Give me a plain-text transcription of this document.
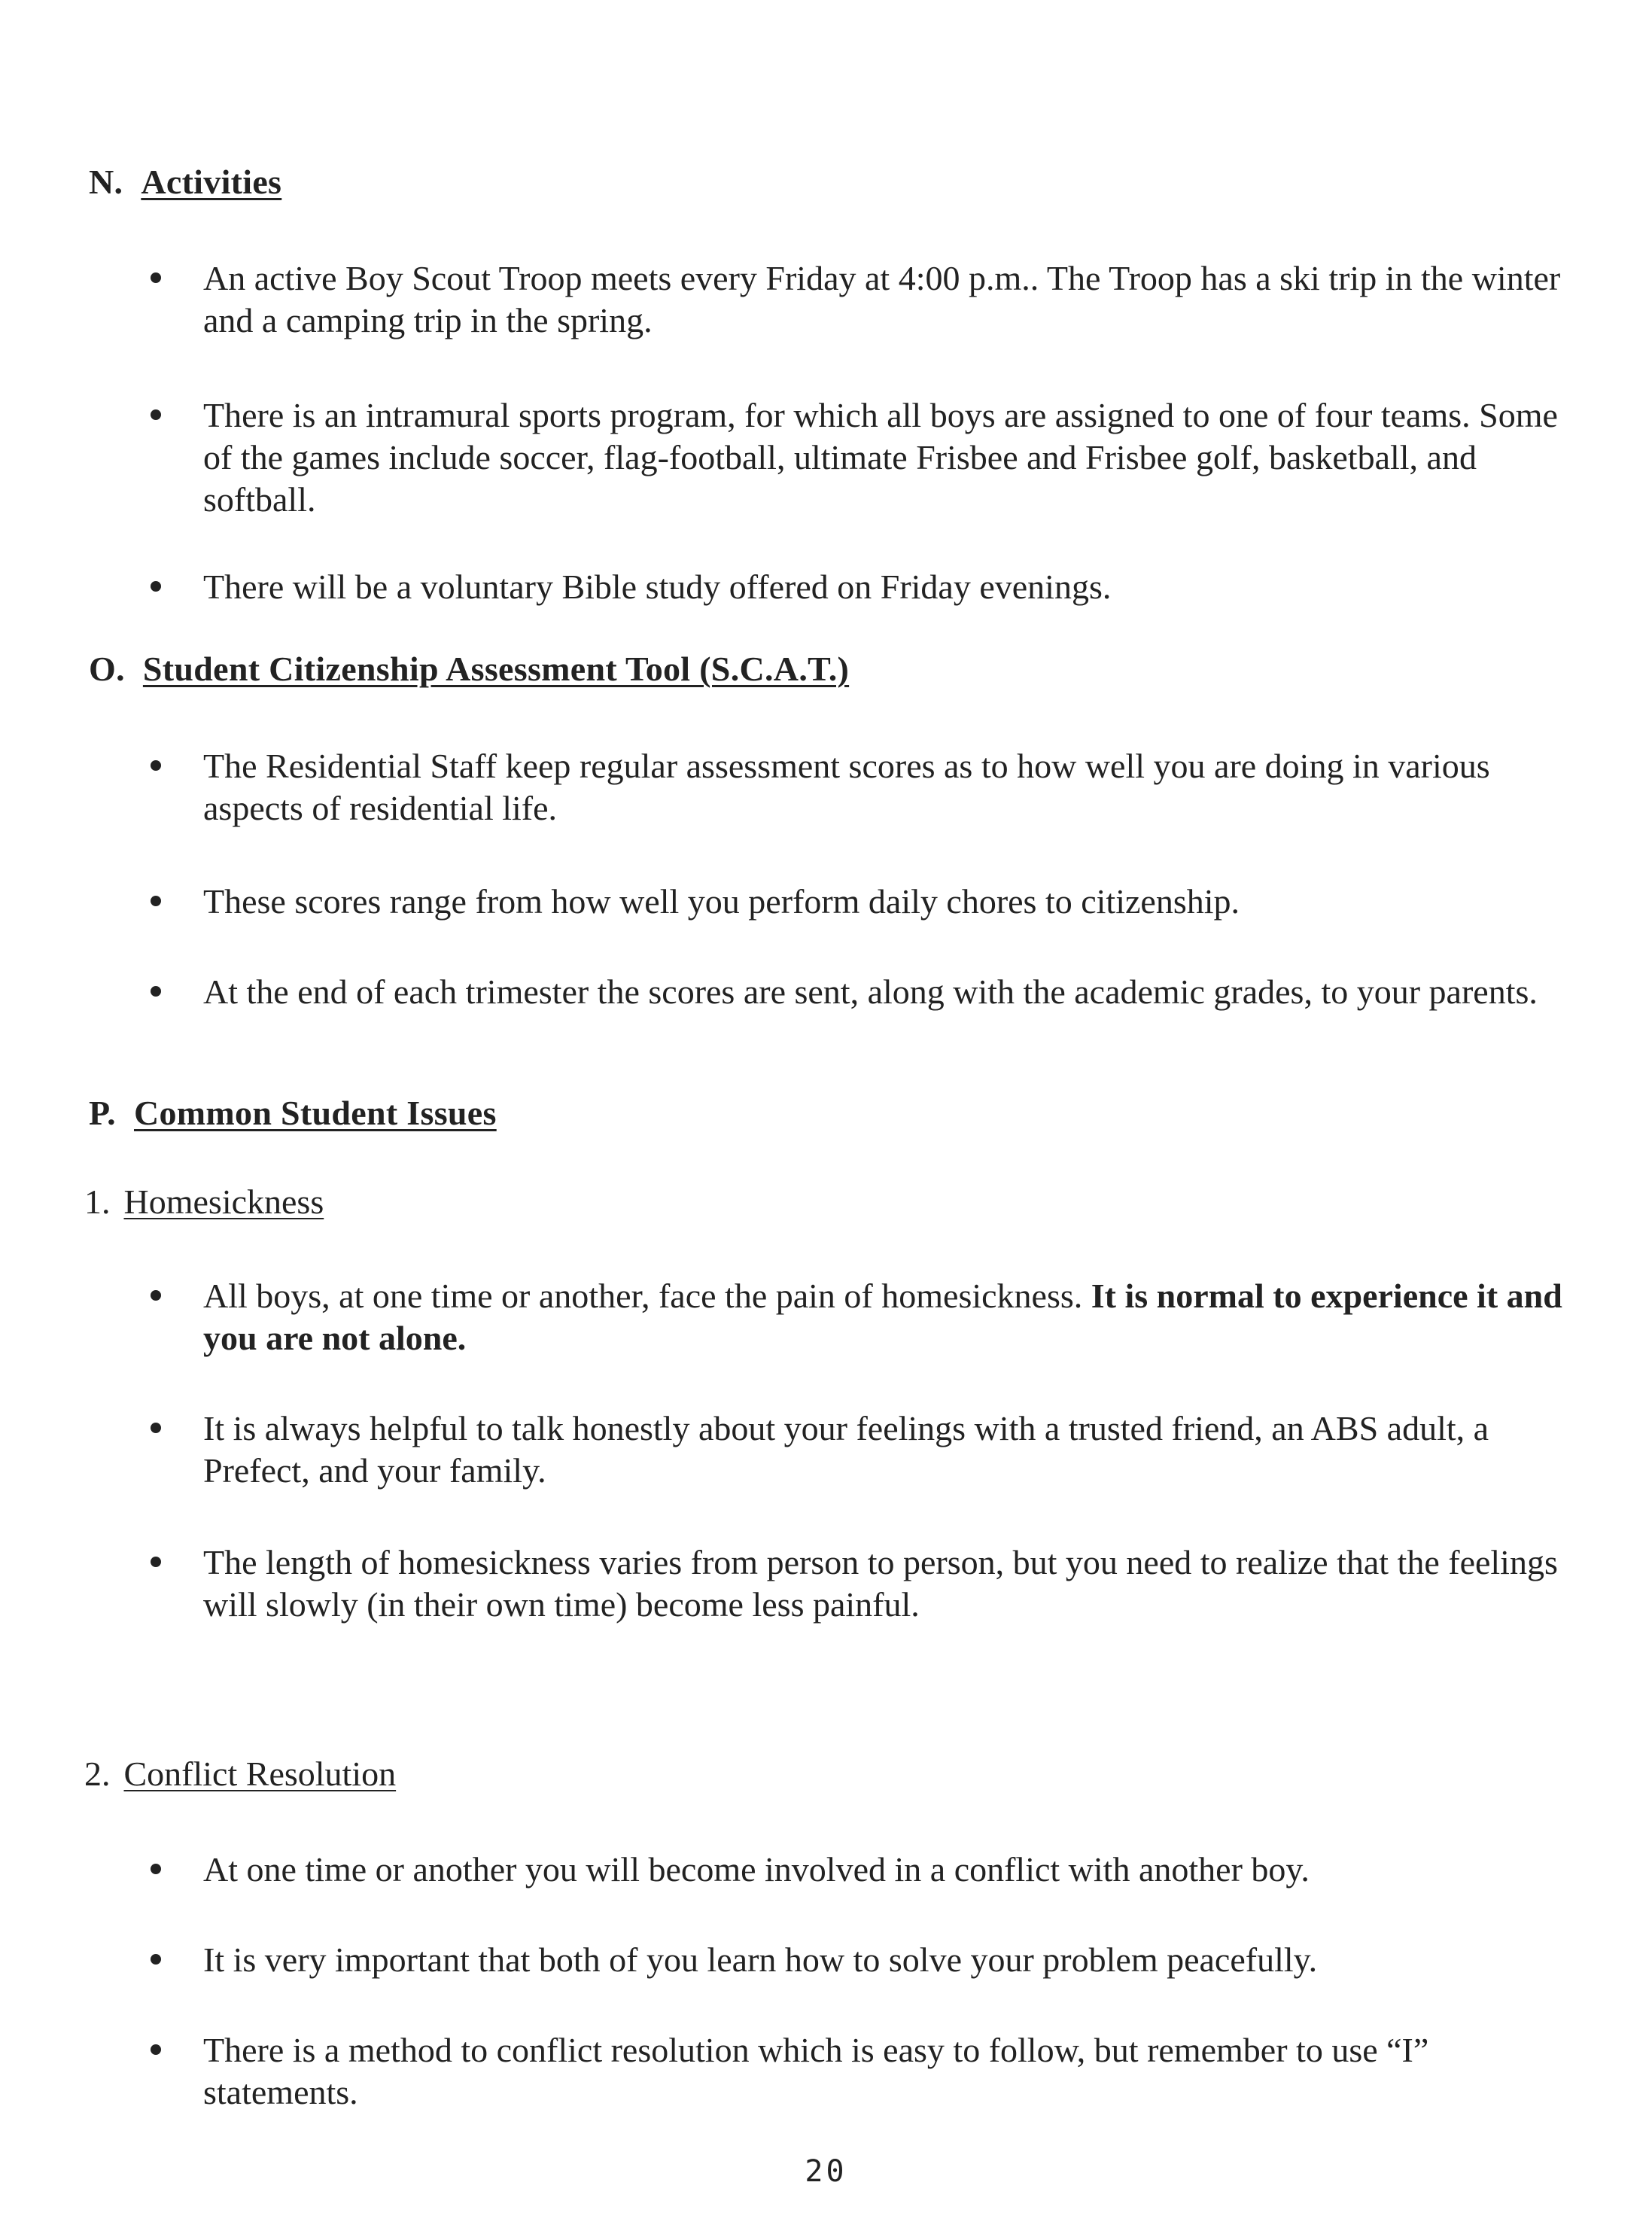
N. Activities
An active Boy Scout Troop meets every Friday at 4:00 p.m.. The Troop has a ski trip in the winter and a camping trip in the spring.
There is an intramural sports program, for which all boys are assigned to one of four teams. Some of the games include soccer, flag-football, ultimate Frisbee and Frisbee golf, basketball, and softball.
There will be a voluntary Bible study offered on Friday evenings.
O. Student Citizenship Assessment Tool (S.C.A.T.)
The Residential Staff keep regular assessment scores as to how well you are doing in various aspects of residential life.
These scores range from how well you perform daily chores to citizenship.
At the end of each trimester the scores are sent, along with the academic grades, to your parents.
P. Common Student Issues
1. Homesickness
All boys, at one time or another, face the pain of homesickness. It is normal to experience it and you are not alone.
It is always helpful to talk honestly about your feelings with a trusted friend, an ABS adult, a Prefect, and your family.
The length of homesickness varies from person to person, but you need to realize that the feelings will slowly (in their own time) become less painful.
2. Conflict Resolution
At one time or another you will become involved in a conflict with another boy.
It is very important that both of you learn how to solve your problem peacefully.
There is a method to conflict resolution which is easy to follow, but remember to use “I” statements.
20
